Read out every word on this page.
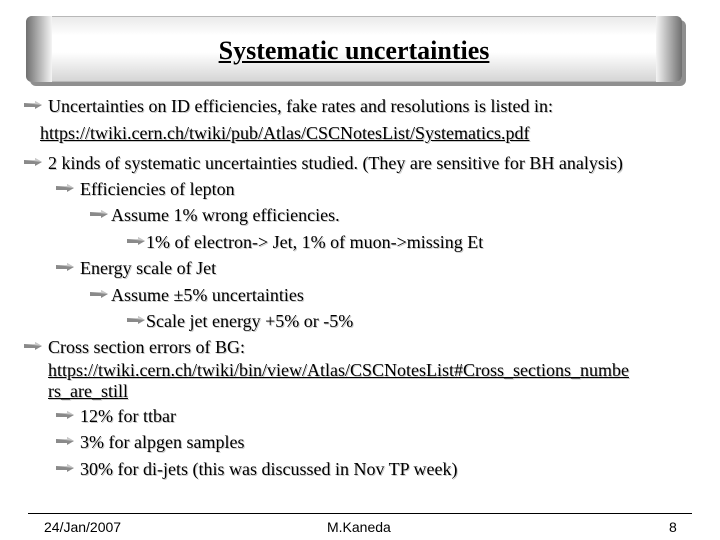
Systematic uncertainties
Uncertainties on ID efficiencies, fake rates and resolutions is listed in:
https://twiki.cern.ch/twiki/pub/Atlas/CSCNotesList/Systematics.pdf
2 kinds of systematic uncertainties studied. (They are sensitive for BH analysis)
Efficiencies of lepton
Assume 1% wrong efficiencies.
1% of electron-> Jet, 1% of muon->missing Et
Energy scale of Jet
Assume ±5% uncertainties
Scale jet energy +5% or -5%
Cross section errors of BG:
https://twiki.cern.ch/twiki/bin/view/Atlas/CSCNotesList#Cross_sections_numbe
rs_are_still
12% for ttbar
3% for alpgen samples
30% for di-jets (this was discussed in Nov TP week)
24/Jan/2007	M.Kaneda	8
